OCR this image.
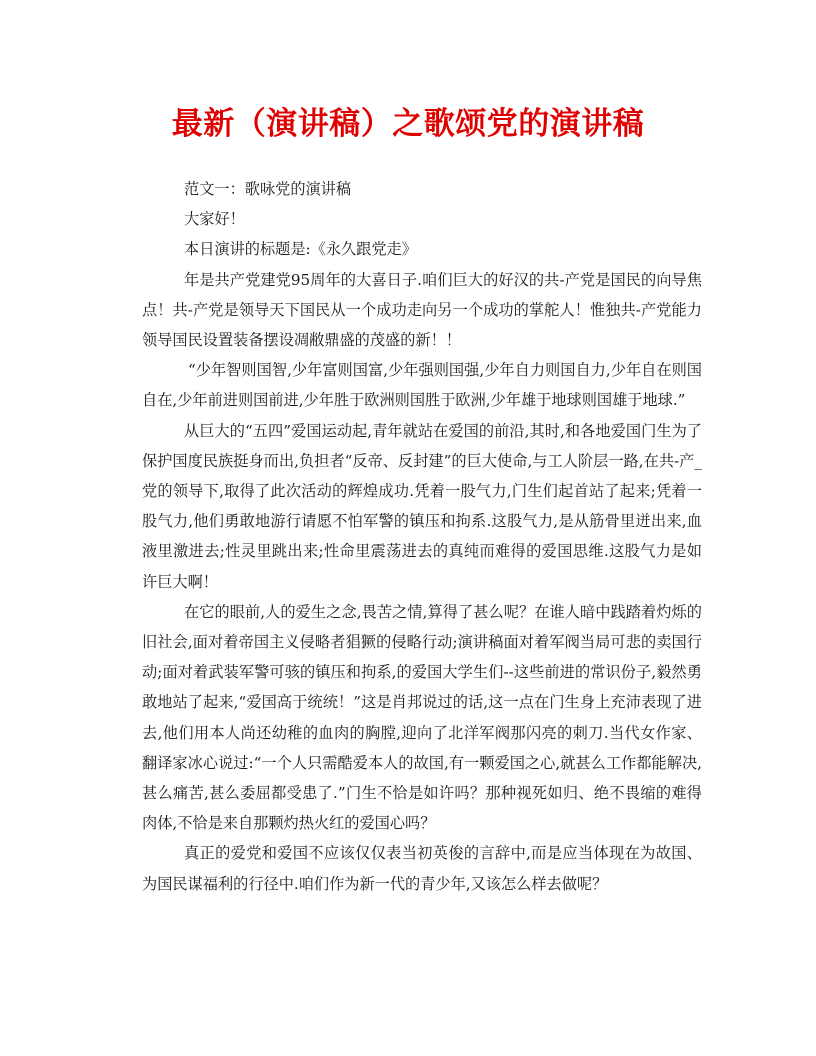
最新（演讲稿）之歌颂党的演讲稿

范文一：歌咏党的演讲稿

大家好！

本日演讲的标题是:《永久跟党走》

年是共产党建党95周年的大喜日子.咱们巨大的好汉的共-产党是国民的向导焦点！共-产党是领导天下国民从一个成功走向另一个成功的掌舵人！惟独共-产党能力领导国民设置装备摆设凋敝鼎盛的茂盛的新！！

“少年智则国智,少年富则国富,少年强则国强,少年自力则国自力,少年自在则国自在,少年前进则国前进,少年胜于欧洲则国胜于欧洲,少年雄于地球则国雄于地球.”

从巨大的“五四”爱国运动起,青年就站在爱国的前沿,其时,和各地爱国门生为了保护国度民族挺身而出,负担者“反帝、反封建”的巨大使命,与工人阶层一路,在共-产_党的领导下,取得了此次活动的辉煌成功.凭着一股气力,门生们起首站了起来;凭着一股气力,他们勇敢地游行请愿不怕军警的镇压和拘系.这股气力,是从筋骨里迸出来,血液里激进去;性灵里跳出来;性命里震荡进去的真纯而难得的爱国思维.这股气力是如许巨大啊！

在它的眼前,人的爱生之念,畏苦之情,算得了甚么呢？在谁人暗中践踏着灼烁的旧社会,面对着帝国主义侵略者猖獗的侵略行动;演讲稿面对着军阀当局可悲的卖国行动;面对着武装军警可骇的镇压和拘系,的爱国大学生们--这些前进的常识份子,毅然勇敢地站了起来,“爱国高于统统！”这是肖邦说过的话,这一点在门生身上充沛表现了进去,他们用本人尚还幼稚的血肉的胸膛,迎向了北洋军阀那闪亮的刺刀.当代女作家、翻译家冰心说过:“一个人只需酷爱本人的故国,有一颗爱国之心,就甚么工作都能解决,甚么痛苦,甚么委屈都受患了.”门生不恰是如许吗？那种视死如归、绝不畏缩的难得肉体,不恰是来自那颗灼热火红的爱国心吗？

真正的爱党和爱国不应该仅仅表当初英俊的言辞中,而是应当体现在为故国、为国民谋福利的行径中.咱们作为新一代的青少年,又该怎么样去做呢？
